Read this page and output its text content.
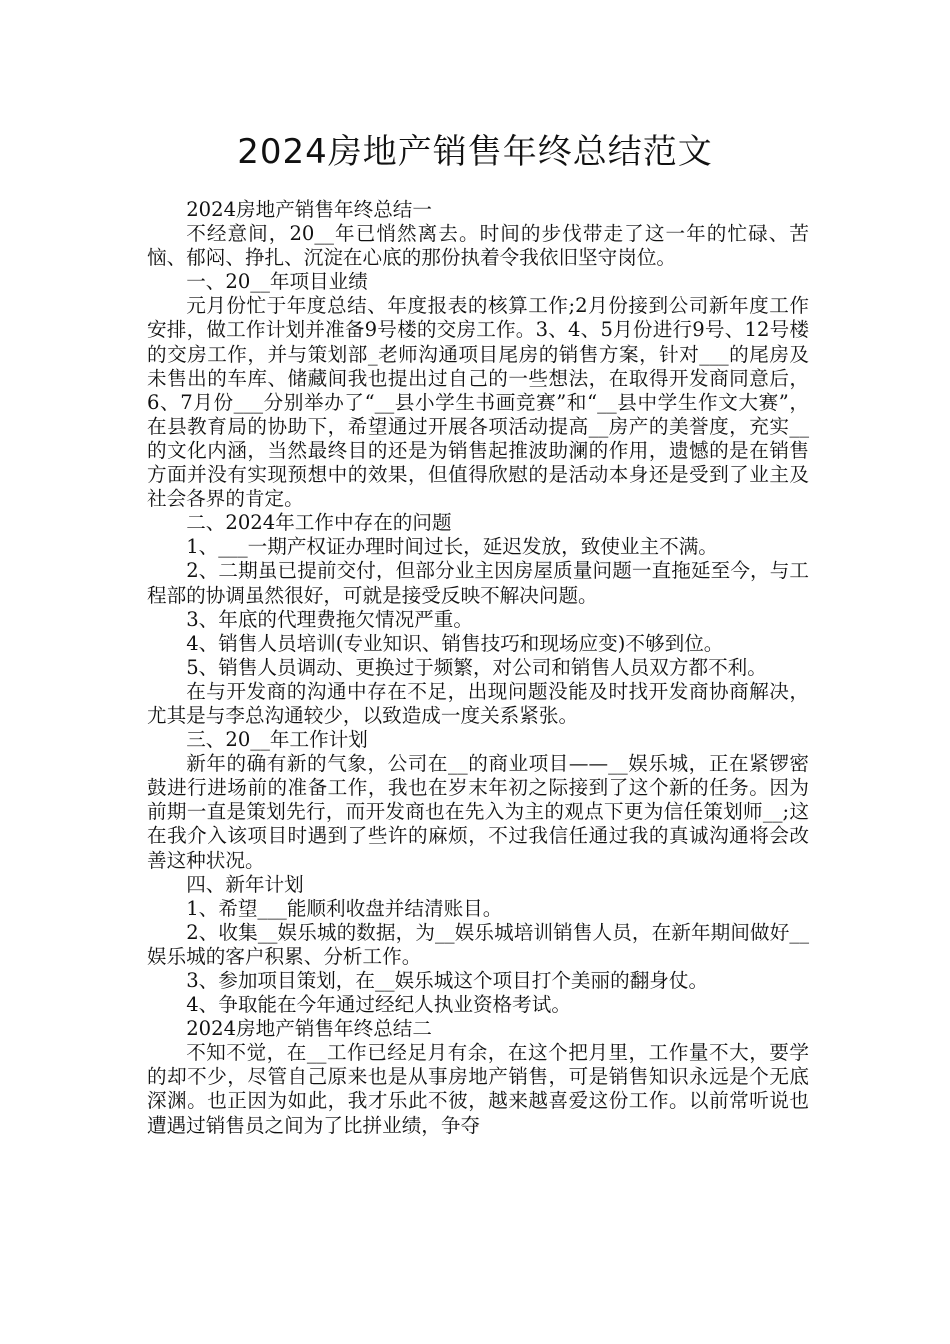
2024房地产销售年终总结范文

2024房地产销售年终总结一

不经意间，20__年已悄然离去。时间的步伐带走了这一年的忙碌、苦恼、郁闷、挣扎、沉淀在心底的那份执着令我依旧坚守岗位。

一、20__年项目业绩

元月份忙于年度总结、年度报表的核算工作;2月份接到公司新年度工作安排，做工作计划并准备9号楼的交房工作。3、4、5月份进行9号、12号楼的交房工作，并与策划部_老师沟通项目尾房的销售方案，针对___的尾房及未售出的车库、储藏间我也提出过自己的一些想法，在取得开发商同意后，6、7月份___分别举办了“__县小学生书画竞赛”和“__县中学生作文大赛”，在县教育局的协助下，希望通过开展各项活动提高__房产的美誉度，充实__的文化内涵，当然最终目的还是为销售起推波助澜的作用，遗憾的是在销售方面并没有实现预想中的效果，但值得欣慰的是活动本身还是受到了业主及社会各界的肯定。

二、2024年工作中存在的问题

1、___一期产权证办理时间过长，延迟发放，致使业主不满。

2、二期虽已提前交付，但部分业主因房屋质量问题一直拖延至今，与工程部的协调虽然很好，可就是接受反映不解决问题。

3、年底的代理费拖欠情况严重。

4、销售人员培训(专业知识、销售技巧和现场应变)不够到位。

5、销售人员调动、更换过于频繁，对公司和销售人员双方都不利。

在与开发商的沟通中存在不足，出现问题没能及时找开发商协商解决，尤其是与李总沟通较少，以致造成一度关系紧张。

三、20__年工作计划

新年的确有新的气象，公司在__的商业项目——__娱乐城，正在紧锣密鼓进行进场前的准备工作，我也在岁末年初之际接到了这个新的任务。因为前期一直是策划先行，而开发商也在先入为主的观点下更为信任策划师__;这在我介入该项目时遇到了些许的麻烦，不过我信任通过我的真诚沟通将会改善这种状况。

四、新年计划

1、希望___能顺利收盘并结清账目。

2、收集__娱乐城的数据，为__娱乐城培训销售人员，在新年期间做好__娱乐城的客户积累、分析工作。

3、参加项目策划，在__娱乐城这个项目打个美丽的翻身仗。

4、争取能在今年通过经纪人执业资格考试。

2024房地产销售年终总结二

不知不觉，在__工作已经足月有余，在这个把月里，工作量不大，要学的却不少，尽管自己原来也是从事房地产销售，可是销售知识永远是个无底深渊。也正因为如此，我才乐此不彼，越来越喜爱这份工作。以前常听说也遭遇过销售员之间为了比拼业绩，争夺
